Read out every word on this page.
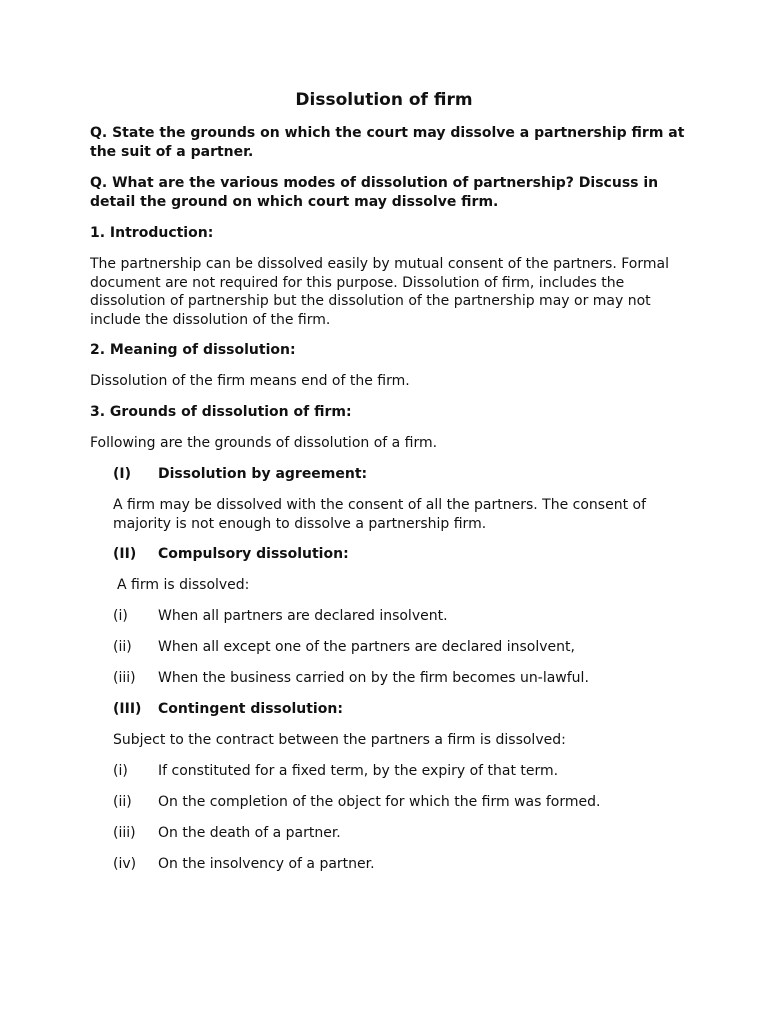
Dissolution of firm
Q. State the grounds on which the court may dissolve a partnership firm at the suit of a partner.
Q. What are the various modes of dissolution of partnership? Discuss in detail the ground on which court may dissolve firm.
1. Introduction:
The partnership can be dissolved easily by mutual consent of the partners. Formal document are not required for this purpose. Dissolution of firm, includes the dissolution of partnership but the dissolution of the partnership may or may not include the dissolution of the firm.
2. Meaning of dissolution:
Dissolution of the firm means end of the firm.
3. Grounds of dissolution of firm:
Following are the grounds of dissolution of a firm.
(I) Dissolution by agreement:
A firm may be dissolved with the consent of all the partners. The consent of majority is not enough to dissolve a partnership firm.
(II) Compulsory dissolution:
A firm is dissolved:
(i) When all partners are declared insolvent.
(ii) When all except one of the partners are declared insolvent,
(iii) When the business carried on by the firm becomes un-lawful.
(III) Contingent dissolution:
Subject to the contract between the partners a firm is dissolved:
(i) If constituted for a fixed term, by the expiry of that term.
(ii) On the completion of the object for which the firm was formed.
(iii) On the death of a partner.
(iv) On the insolvency of a partner.
